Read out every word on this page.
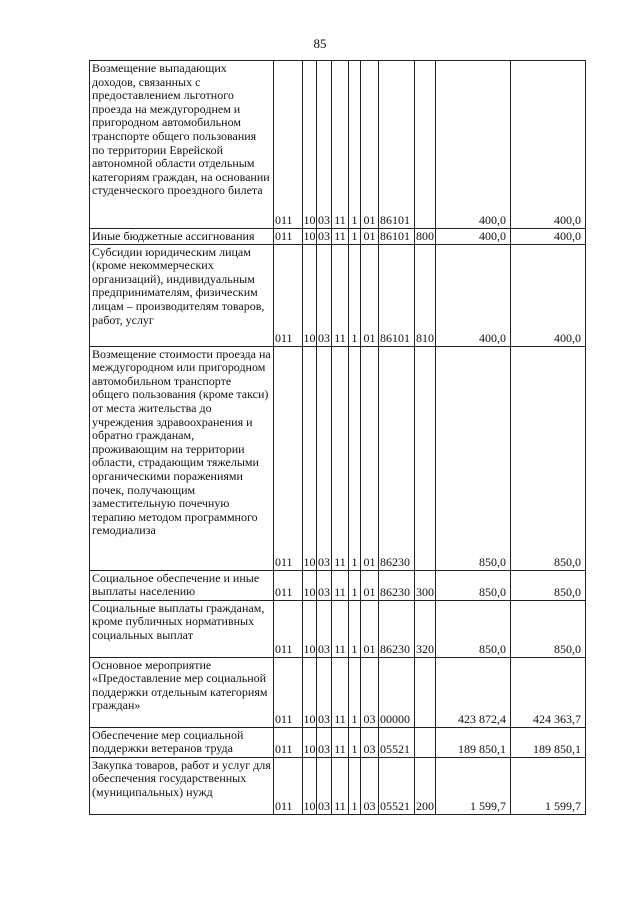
85
Возмещение выпадающих доходов, связанных с предоставлением льготного проезда на междугороднем и пригородном автомобильном транспорте общего пользования по территории Еврейской автономной области отдельным категориям граждан, на основании студенческого проездного билета	011	10	03	11	1	01	86101		400,0	400,0
Иные бюджетные ассигнования	011	10	03	11	1	01	86101	800	400,0	400,0
Субсидии юридическим лицам (кроме некоммерческих организаций), индивидуальным предпринимателям, физическим лицам – производителям товаров, работ, услуг	011	10	03	11	1	01	86101	810	400,0	400,0
Возмещение стоимости проезда на междугородном или пригородном автомобильном транспорте общего пользования (кроме такси) от места жительства до учреждения здравоохранения и обратно гражданам, проживающим на территории области, страдающим тяжелыми органическими поражениями почек, получающим заместительную почечную терапию методом программного гемодиализа	011	10	03	11	1	01	86230		850,0	850,0
Социальное обеспечение и иные выплаты населению	011	10	03	11	1	01	86230	300	850,0	850,0
Социальные выплаты гражданам, кроме публичных нормативных социальных выплат	011	10	03	11	1	01	86230	320	850,0	850,0
Основное мероприятие «Предоставление мер социальной поддержки отдельным категориям граждан»	011	10	03	11	1	03	00000		423 872,4	424 363,7
Обеспечение мер социальной поддержки ветеранов труда	011	10	03	11	1	03	05521		189 850,1	189 850,1
Закупка товаров, работ и услуг для обеспечения государственных (муниципальных) нужд	011	10	03	11	1	03	05521	200	1 599,7	1 599,7
